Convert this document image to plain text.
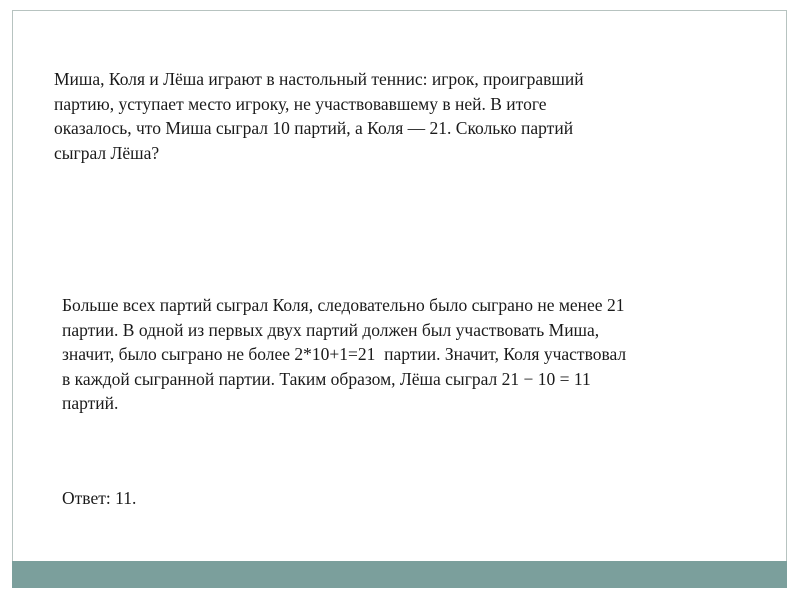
Миша, Коля и Лёша играют в настольный теннис: игрок, проигравший
партию, уступает место игроку, не участвовавшему в ней. В итоге
оказалось, что Миша сыграл 10 партий, а Коля — 21. Сколько партий
сыграл Лёша?

Больше всех партий сыграл Коля, следовательно было сыграно не менее 21
партии. В одной из первых двух партий должен был участвовать Миша,
значит, было сыграно не более 2*10+1=21  партии. Значит, Коля участвовал
в каждой сыгранной партии. Таким образом, Лёша сыграл 21 − 10 = 11
партий.

Ответ: 11.
